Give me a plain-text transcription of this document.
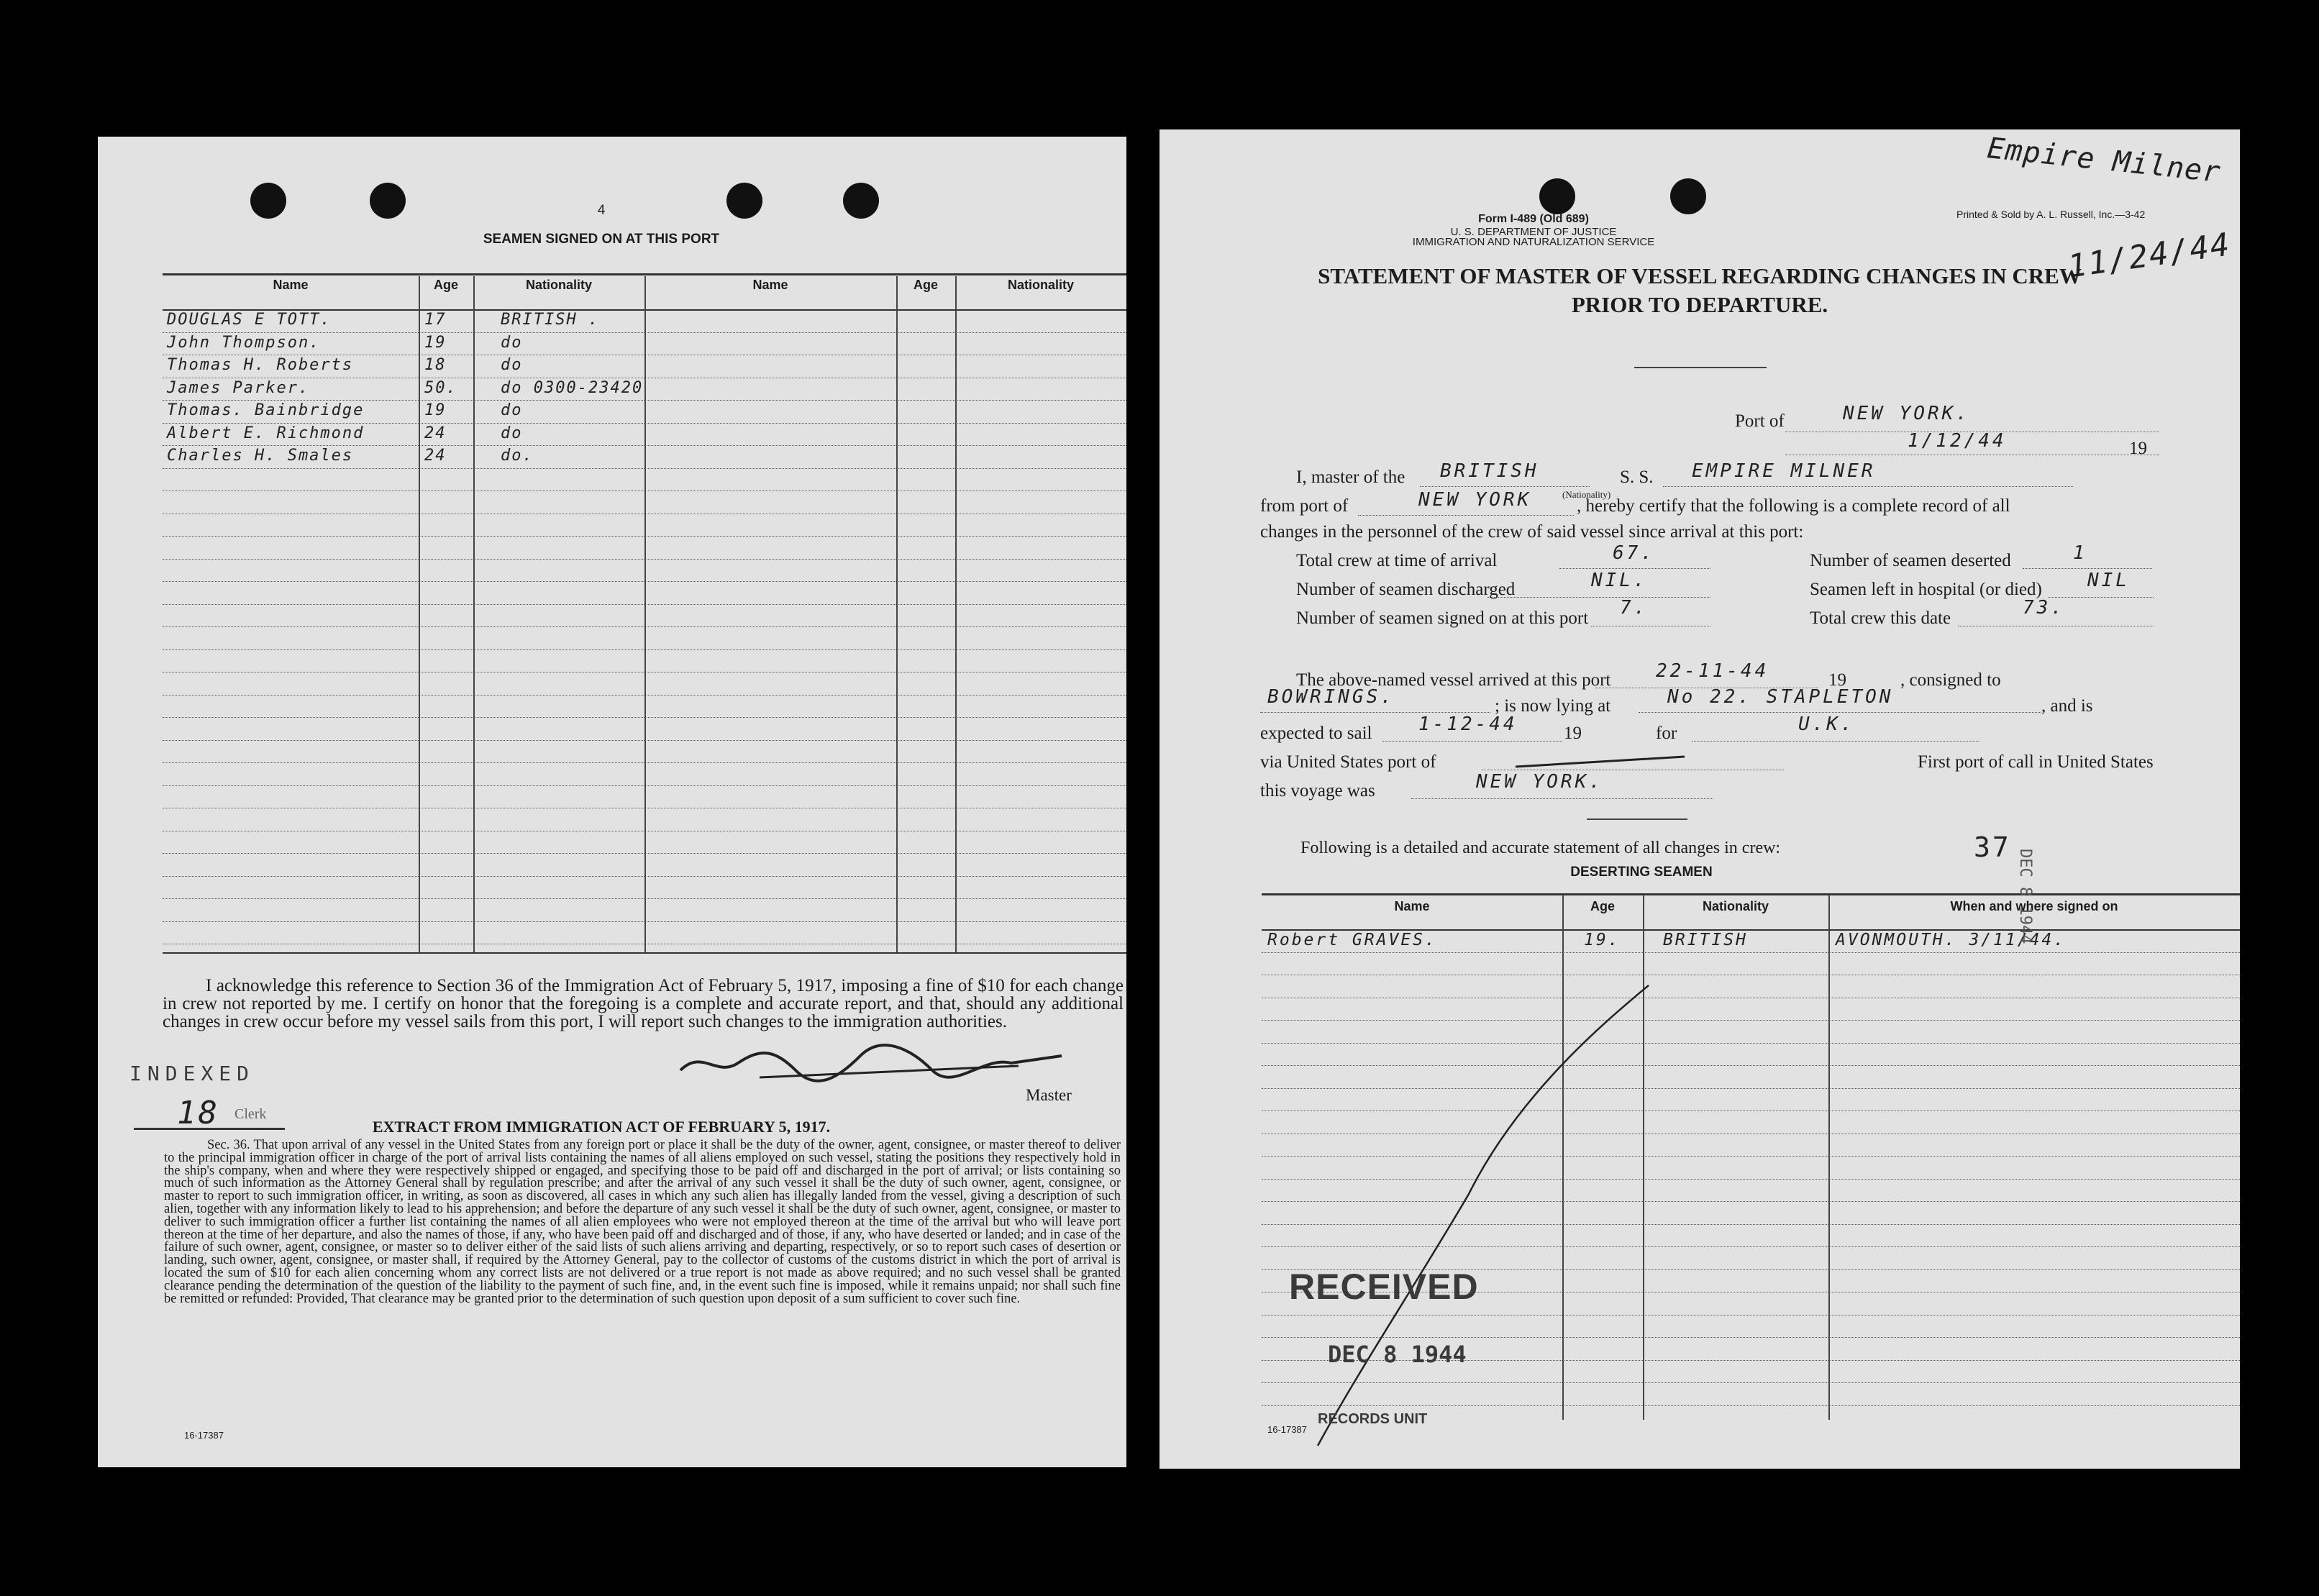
4
SEAMEN SIGNED ON AT THIS PORT
Name	Age	Nationality	Name	Age	Nationality
DOUGLAS E TOTT.	17	BRITISH .
John Thompson.	19	do
Thomas H. Roberts	18	do
James Parker.	50.	do 0300-23420
Thomas. Bainbridge	19	do
Albert E. Richmond	24	do
Charles H. Smales	24	do.
I acknowledge this reference to Section 36 of the Immigration Act of February 5, 1917, imposing a fine of $10 for each change in crew not reported by me. I certify on honor that the foregoing is a complete and accurate report, and that, should any additional changes in crew occur before my vessel sails from this port, I will report such changes to the immigration authorities.
INDEXED
18 Clerk
Master
EXTRACT FROM IMMIGRATION ACT OF FEBRUARY 5, 1917.
Sec. 36. That upon arrival of any vessel in the United States from any foreign port or place it shall be the duty of the owner, agent, consignee, or master thereof to deliver to the principal immigration officer in charge of the port of arrival lists containing the names of all aliens employed on such vessel, stating the positions they respectively hold in the ship's company, when and where they were respectively shipped or engaged, and specifying those to be paid off and discharged in the port of arrival; or lists containing so much of such information as the Attorney General shall by regulation prescribe; and after the arrival of any such vessel it shall be the duty of such owner, agent, consignee, or master to report to such immigration officer, in writing, as soon as discovered, all cases in which any such alien has illegally landed from the vessel, giving a description of such alien, together with any information likely to lead to his apprehension; and before the departure of any such vessel it shall be the duty of such owner, agent, consignee, or master to deliver to such immigration officer a further list containing the names of all alien employees who were not employed thereon at the time of the arrival but who will leave port thereon at the time of her departure, and also the names of those, if any, who have been paid off and discharged and of those, if any, who have deserted or landed; and in case of the failure of such owner, agent, consignee, or master so to deliver either of the said lists of such aliens arriving and departing, respectively, or so to report such cases of desertion or landing, such owner, agent, consignee, or master shall, if required by the Attorney General, pay to the collector of customs of the customs district in which the port of arrival is located the sum of $10 for each alien concerning whom any correct lists are not delivered or a true report is not made as above required; and no such vessel shall be granted clearance pending the determination of the question of the liability to the payment of such fine, and, in the event such fine is imposed, while it remains unpaid; nor shall such fine be remitted or refunded: Provided, That clearance may be granted prior to the determination of such question upon deposit of a sum sufficient to cover such fine.
16-17387
Form I-489 (Old 689)
U. S. DEPARTMENT OF JUSTICE
IMMIGRATION AND NATURALIZATION SERVICE
Printed & Sold by A. L. Russell, Inc.—3-42
Empire Milner
11/24/44
STATEMENT OF MASTER OF VESSEL REGARDING CHANGES IN CREW
PRIOR TO DEPARTURE.
Port of	NEW YORK.
1/12/44	19
I, master of the BRITISH
(Nationality)
S. S. EMPIRE MILNER
from port of	NEW YORK	, hereby certify that the following is a complete record of all
changes in the personnel of the crew of said vessel since arrival at this port:
Total crew at time of arrival	67.	Number of seamen deserted	1
Number of seamen discharged	NIL.	Seamen left in hospital (or died) NIL
Number of seamen signed on at this port 7.	Total crew this date	73.
The above-named vessel arrived at this port 22-11-44	19	, consigned to
BOWRINGS.	; is now lying at	No 22. STAPLETON	, and is
expected to sail 1-12-44	19	for	U.K.
via United States port of	First port of call in United States
this voyage was	NEW YORK.
Following is a detailed and accurate statement of all changes in crew:	37
DESERTING SEAMEN
Name	Age	Nationality	When and where signed on
Robert GRAVES.	19.	BRITISH	AVONMOUTH. 3/11/44.
DEC 8 1944
RECEIVED
DEC 8 1944
RECORDS UNIT
16-17387
